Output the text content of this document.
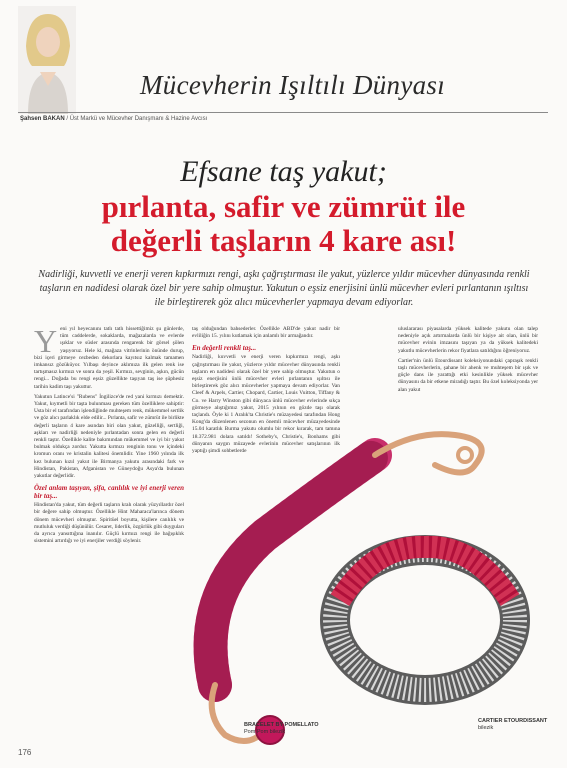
Mücevherin Işıltılı Dünyası
Şahsen BAKAN / Üst Markü ve Mücevher Danışmanı & Hazine Avcısı
Efsane taş yakut;
pırlanta, safir ve zümrüt ile
değerli taşların 4 kare ası!
Nadirliği, kuvvetli ve enerji veren kıpkırmızı rengi, aşkı çağrıştırması ile yakut, yüzlerce yıldır mücevher dünyasında renkli taşların en nadidesi olarak özel bir yere sahip olmuştur. Yakutun o eşsiz enerjisini ünlü mücevher evleri pırlantanın ışıltısı ile birleştirerek göz alıcı mücevherler yapmaya devam ediyorlar.
Y eni yıl heyecanını tatlı tatlı hissettiğimiz şu günlerde, tüm caddelerde, sokaklarda, mağazalarda ve evlerde ışıklar ve süsler arasında rengarenk bir görsel şölen yaşıyoruz. Hele ki, mağaza vitrinlerinin önünde durup, bizi içeri girmeye cezbeden dekorlara kayıtsız kalmak tamamen imkansız gözüküyor. Yılbaşı deyince aklımıza ilk gelen renk ise tartışmasız kırmızı ve sonra da yeşil. Kırmızı, sevginin, aşkın, gücün rengi... Doğada bu rengi eşsiz güzellikte taşıyan taş ise şüphesiz tarihin kadim taşı yakuttur.

Yakutun Latince'si "Rubens" İngilizce'de red yani kırmızı demektir. Yakut, kıymetli bir taşta bulunması gereken tüm özelliklere sahiptir: Usta bir el tarafından işlendiğinde muhteşem renk, mükemmel sertlik ve göz alıcı parlaklık elde edilir... Pırlanta, safir ve zümrüt ile birlikte değerli taşların 4 kare asından biri olan yakut, güzelliği, sertliği, aşkları ve nadirliği nedeniyle pırlantadan sonra gelen en değerli renkli taştır. Özellikle kalite bakımından mükemmel ve iyi bir yakut bulmak oldukça zordur. Yakutta kırmızı renginin tonu ve içindeki kromun oranı ve kristalin kalitesi önemlidir. Yine 1960 yılında ilk kez bulunan kızıl yakut ile Birmanya yakutu arasındaki fark ve Hindistan, Pakistan, Afganistan ve Güneydoğu Asya'da bulunan yakutlar değerlidir.

Özel anlam taşıyan, şifa, canlılık ve iyi enerji veren bir taş...

Hindistan'da yakut, tüm değerli taşların kralı olarak yüzyıllardır özel bir değere sahip olmuştur. Özellikle Hint Maharaca'larınca dönem dönem mücevheri olmuştur. Spiritüel boyutta, kişilere canlılık ve mutluluk verdiği düşünülür. Cesaret, liderlik, özgürlük gibi duyguları da ayrıca yansıttığına inanılır. Güçlü kırmızı rengi ile bağışıklık sistemini artırdığı ve iyi enerjiler verdiği söylenir.

taş olduğundan bahsederler. Özellikle ABD'de yakut nadir bir evliliğin 15. yılını kutlamak için anlamlı bir armağandır.

En değerli renkli taş...

Nadirliği, kuvvetli ve enerji veren kıpkırmızı rengi, aşkı çağrıştırması ile yakut, yüzlerce yıldır mücevher dünyasında renkli taşların en nadidesi olarak özel bir yere sahip olmuştur. Yakutun o eşsiz enerjisini ünlü mücevher evleri pırlantanın ışıltısı ile birleştirerek göz alıcı mücevherler yapmaya devam ediyorlar. Van Cleef & Arpels, Cartier, Chopard, Cartier, Louis Vuitton, Tiffany & Co. ve Harry Winston gibi dünyaca ünlü mücevher evlerinde sıkça görmeye alıştığımız yakut, 2015 yılının en gözde taşı olarak taçlandı. Öyle ki 1 Aralık'ta Christie's müzayedesi tarafından Hong Kong'da düzenlenen sezonun en önemli mücevher müzayedesinde 15.04 karatlık Burma yakutu olumlu bir rekor kırarak, tam tamına 18.372.981 dolara satıldı! Sotheby's, Christie's, Bonhams gibi dünyanın saygın müzayede evlerinin mücevher satışlarının ilk yaptığı şimdi sohbetlerde

uluslararası piyasalarda yüksek kalitede yakutu olan talep nedeniyle açık artırmalarda ünlü bir kişiye ait olan, ünlü bir mücevher evinin imzasını taşıyan ya da yüksek kalitedeki yakutlu mücevherlerin rekor fiyatlara satıldığını öğreniyoruz.

Cartier'nin ünlü Etourdissant koleksiyonundaki çapraşık renkli taşlı mücevherlerin, şahane bir ahenk ve muhteşem bir ışık ve güçle dans ile yarattığı etki kesinlikle yüksek mücevher dünyasını da bir etkene miradığı taştır. Bu özel koleksiyonda yer alan yakut

BRACELET BY POMELLATO
Pom Pom bilezik
CARTIER ETOURDISSANT
bilezik
176
